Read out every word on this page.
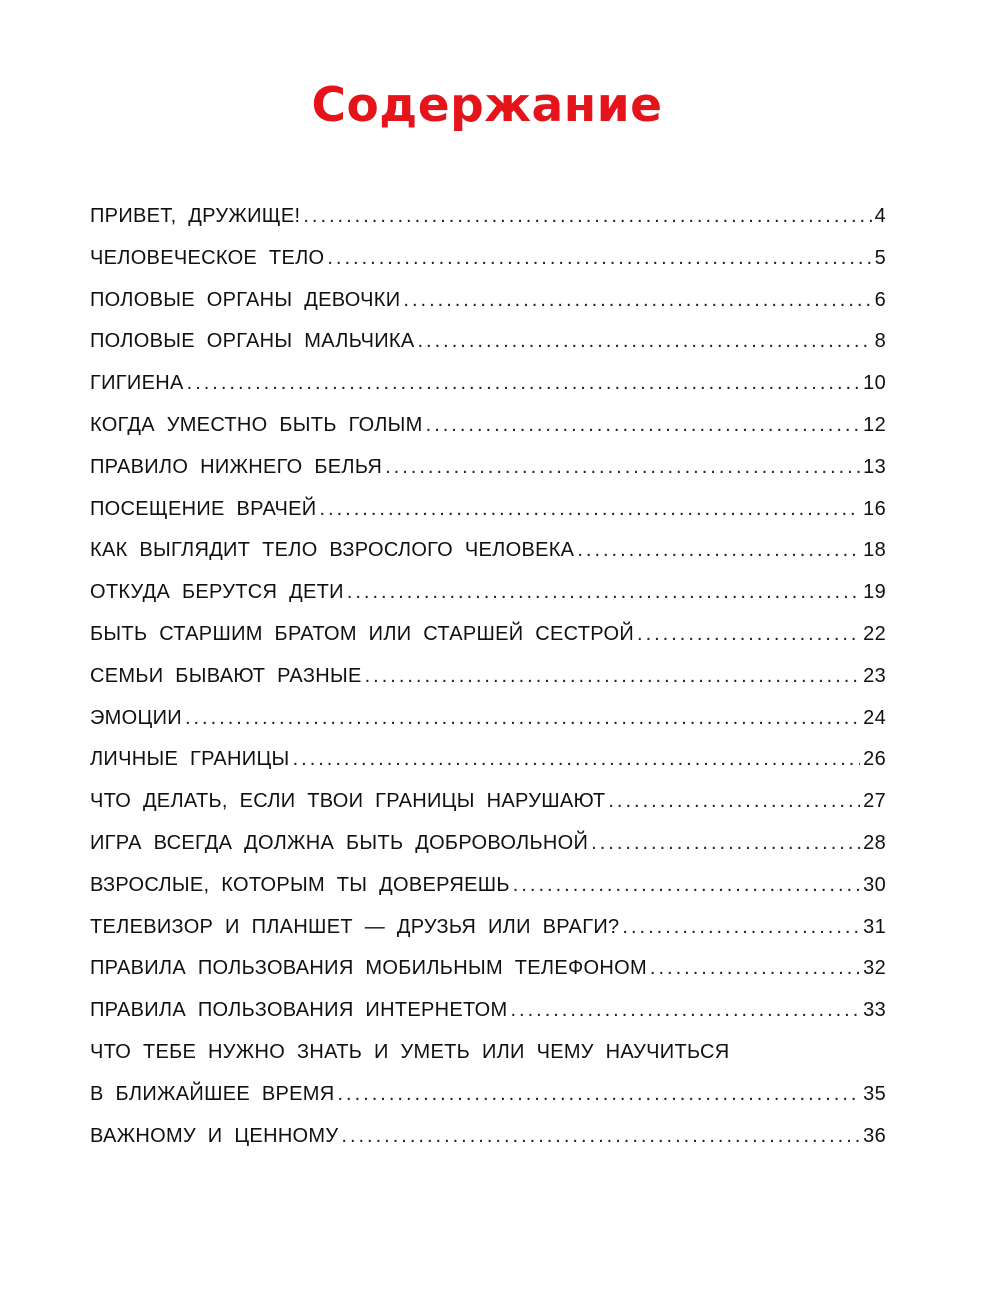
Содержание
ПРИВЕТ, ДРУЖИЩЕ! .....	4
ЧЕЛОВЕЧЕСКОЕ ТЕЛО .....	5
ПОЛОВЫЕ ОРГАНЫ ДЕВОЧКИ .....	6
ПОЛОВЫЕ ОРГАНЫ МАЛЬЧИКА .....	8
ГИГИЕНА .....	10
КОГДА УМЕСТНО БЫТЬ ГОЛЫМ .....	12
ПРАВИЛО НИЖНЕГО БЕЛЬЯ .....	13
ПОСЕЩЕНИЕ ВРАЧЕЙ .....	16
КАК ВЫГЛЯДИТ ТЕЛО ВЗРОСЛОГО ЧЕЛОВЕКА .....	18
ОТКУДА БЕРУТСЯ ДЕТИ .....	19
БЫТЬ СТАРШИМ БРАТОМ ИЛИ СТАРШЕЙ СЕСТРОЙ .....	22
СЕМЬИ БЫВАЮТ РАЗНЫЕ .....	23
ЭМОЦИИ .....	24
ЛИЧНЫЕ ГРАНИЦЫ .....	26
ЧТО ДЕЛАТЬ, ЕСЛИ ТВОИ ГРАНИЦЫ НАРУШАЮТ .....	27
ИГРА ВСЕГДА ДОЛЖНА БЫТЬ ДОБРОВОЛЬНОЙ .....	28
ВЗРОСЛЫЕ, КОТОРЫМ ТЫ ДОВЕРЯЕШЬ .....	30
ТЕЛЕВИЗОР И ПЛАНШЕТ — ДРУЗЬЯ ИЛИ ВРАГИ? .....	31
ПРАВИЛА ПОЛЬЗОВАНИЯ МОБИЛЬНЫМ ТЕЛЕФОНОМ .....	32
ПРАВИЛА ПОЛЬЗОВАНИЯ ИНТЕРНЕТОМ .....	33
ЧТО ТЕБЕ НУЖНО ЗНАТЬ И УМЕТЬ ИЛИ ЧЕМУ НАУЧИТЬСЯ
В БЛИЖАЙШЕЕ ВРЕМЯ .....	35
ВАЖНОМУ И ЦЕННОМУ .....	36
